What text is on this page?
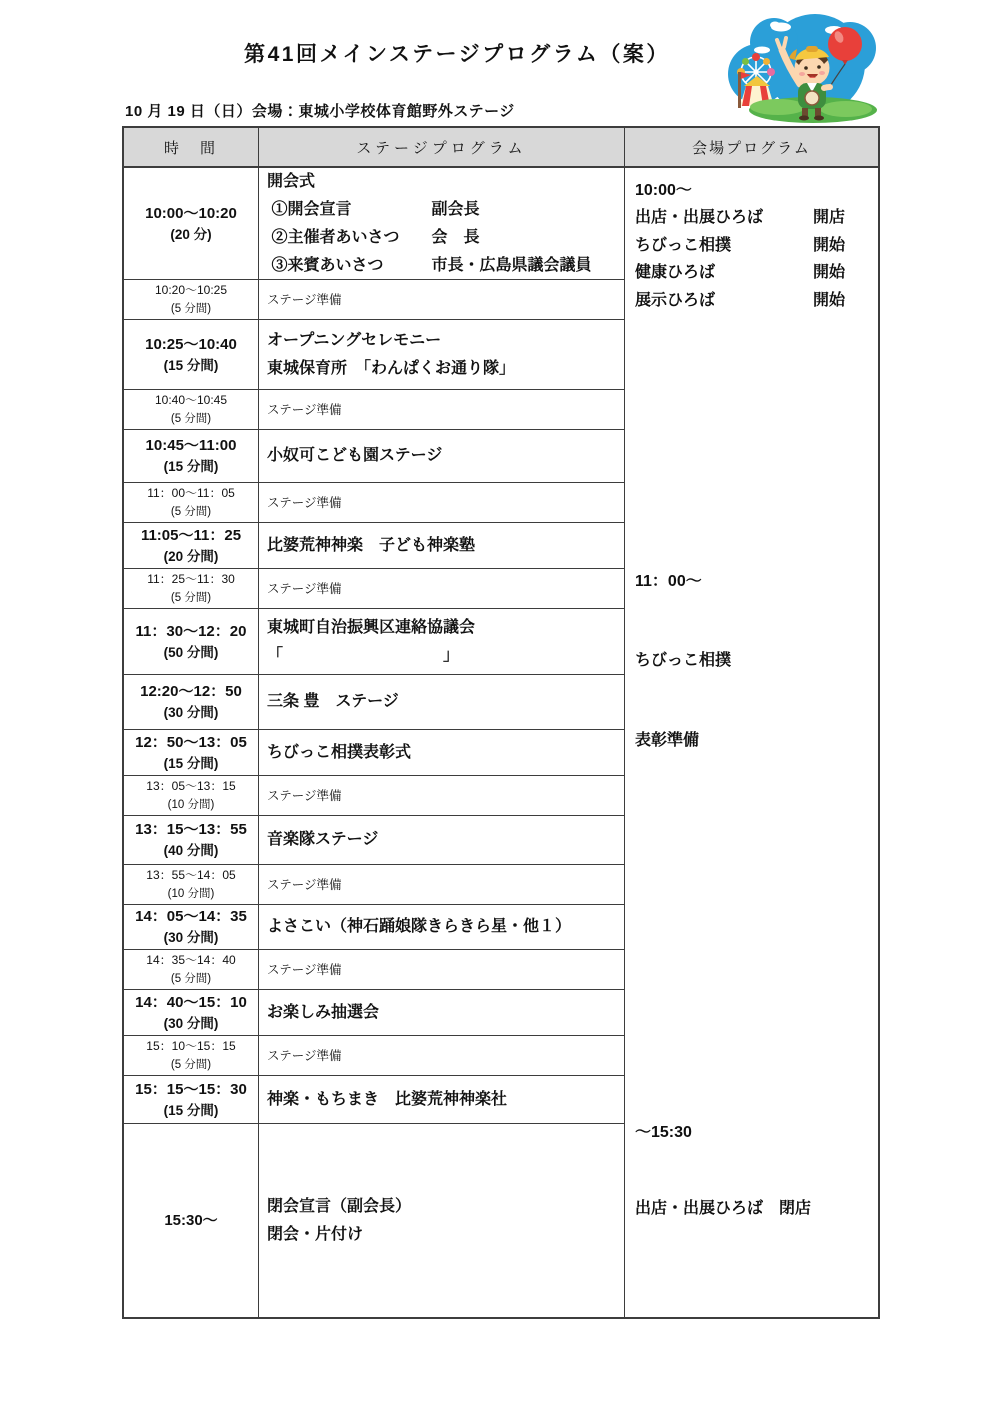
第41回メインステージプログラム（案）
10 月 19 日（日）会場：東城小学校体育館野外ステージ
時　間	ステージプログラム	会場プログラム
10:00～10:20
(20 分)
開会式
①開会宣言　　　　　副会長
②主催者あいさつ　　会　長
③来賓あいさつ　　　市長・広島県議会議員
10:20～10:25
(5 分間)
ステージ準備
10:25～10:40
(15 分間)
オープニングセレモニー
東城保育所　「わんぱくお通り隊」
10:40～10:45
(5 分間)
ステージ準備
10:45～11:00
(15 分間)
小奴可こども園ステージ
11：00～11：05
(5 分間)
ステージ準備
11:05～11：25
(20 分間)
比婆荒神神楽　子ども神楽塾
11：25～11：30
(5 分間)
ステージ準備
11：30～12：20
(50 分間)
東城町自治振興区連絡協議会
「　　　　　　　　　　」
12:20～12：50
(30 分間)
三条 豊　ステージ
12：50～13：05
(15 分間)
ちびっこ相撲表彰式
13：05～13：15
(10 分間)
ステージ準備
13：15～13：55
(40 分間)
音楽隊ステージ
13：55～14：05
(10 分間)
ステージ準備
14：05～14：35
(30 分間)
よさこい（神石踊娘隊きらきら星・他１）
14：35～14：40
(5 分間)
ステージ準備
14：40～15：10
(30 分間)
お楽しみ抽選会
15：10～15：15
(5 分間)
ステージ準備
15：15～15：30
(15 分間)
神楽・もちまき　比婆荒神神楽社
15:30～
閉会宣言（副会長）
閉会・片付け
10:00～
出店・出展ひろば	開店
ちびっこ相撲	開始
健康ひろば	開始
展示ひろば	開始

11：00～

ちびっこ相撲

表彰準備

～15:30

出店・出展ひろば　閉店
